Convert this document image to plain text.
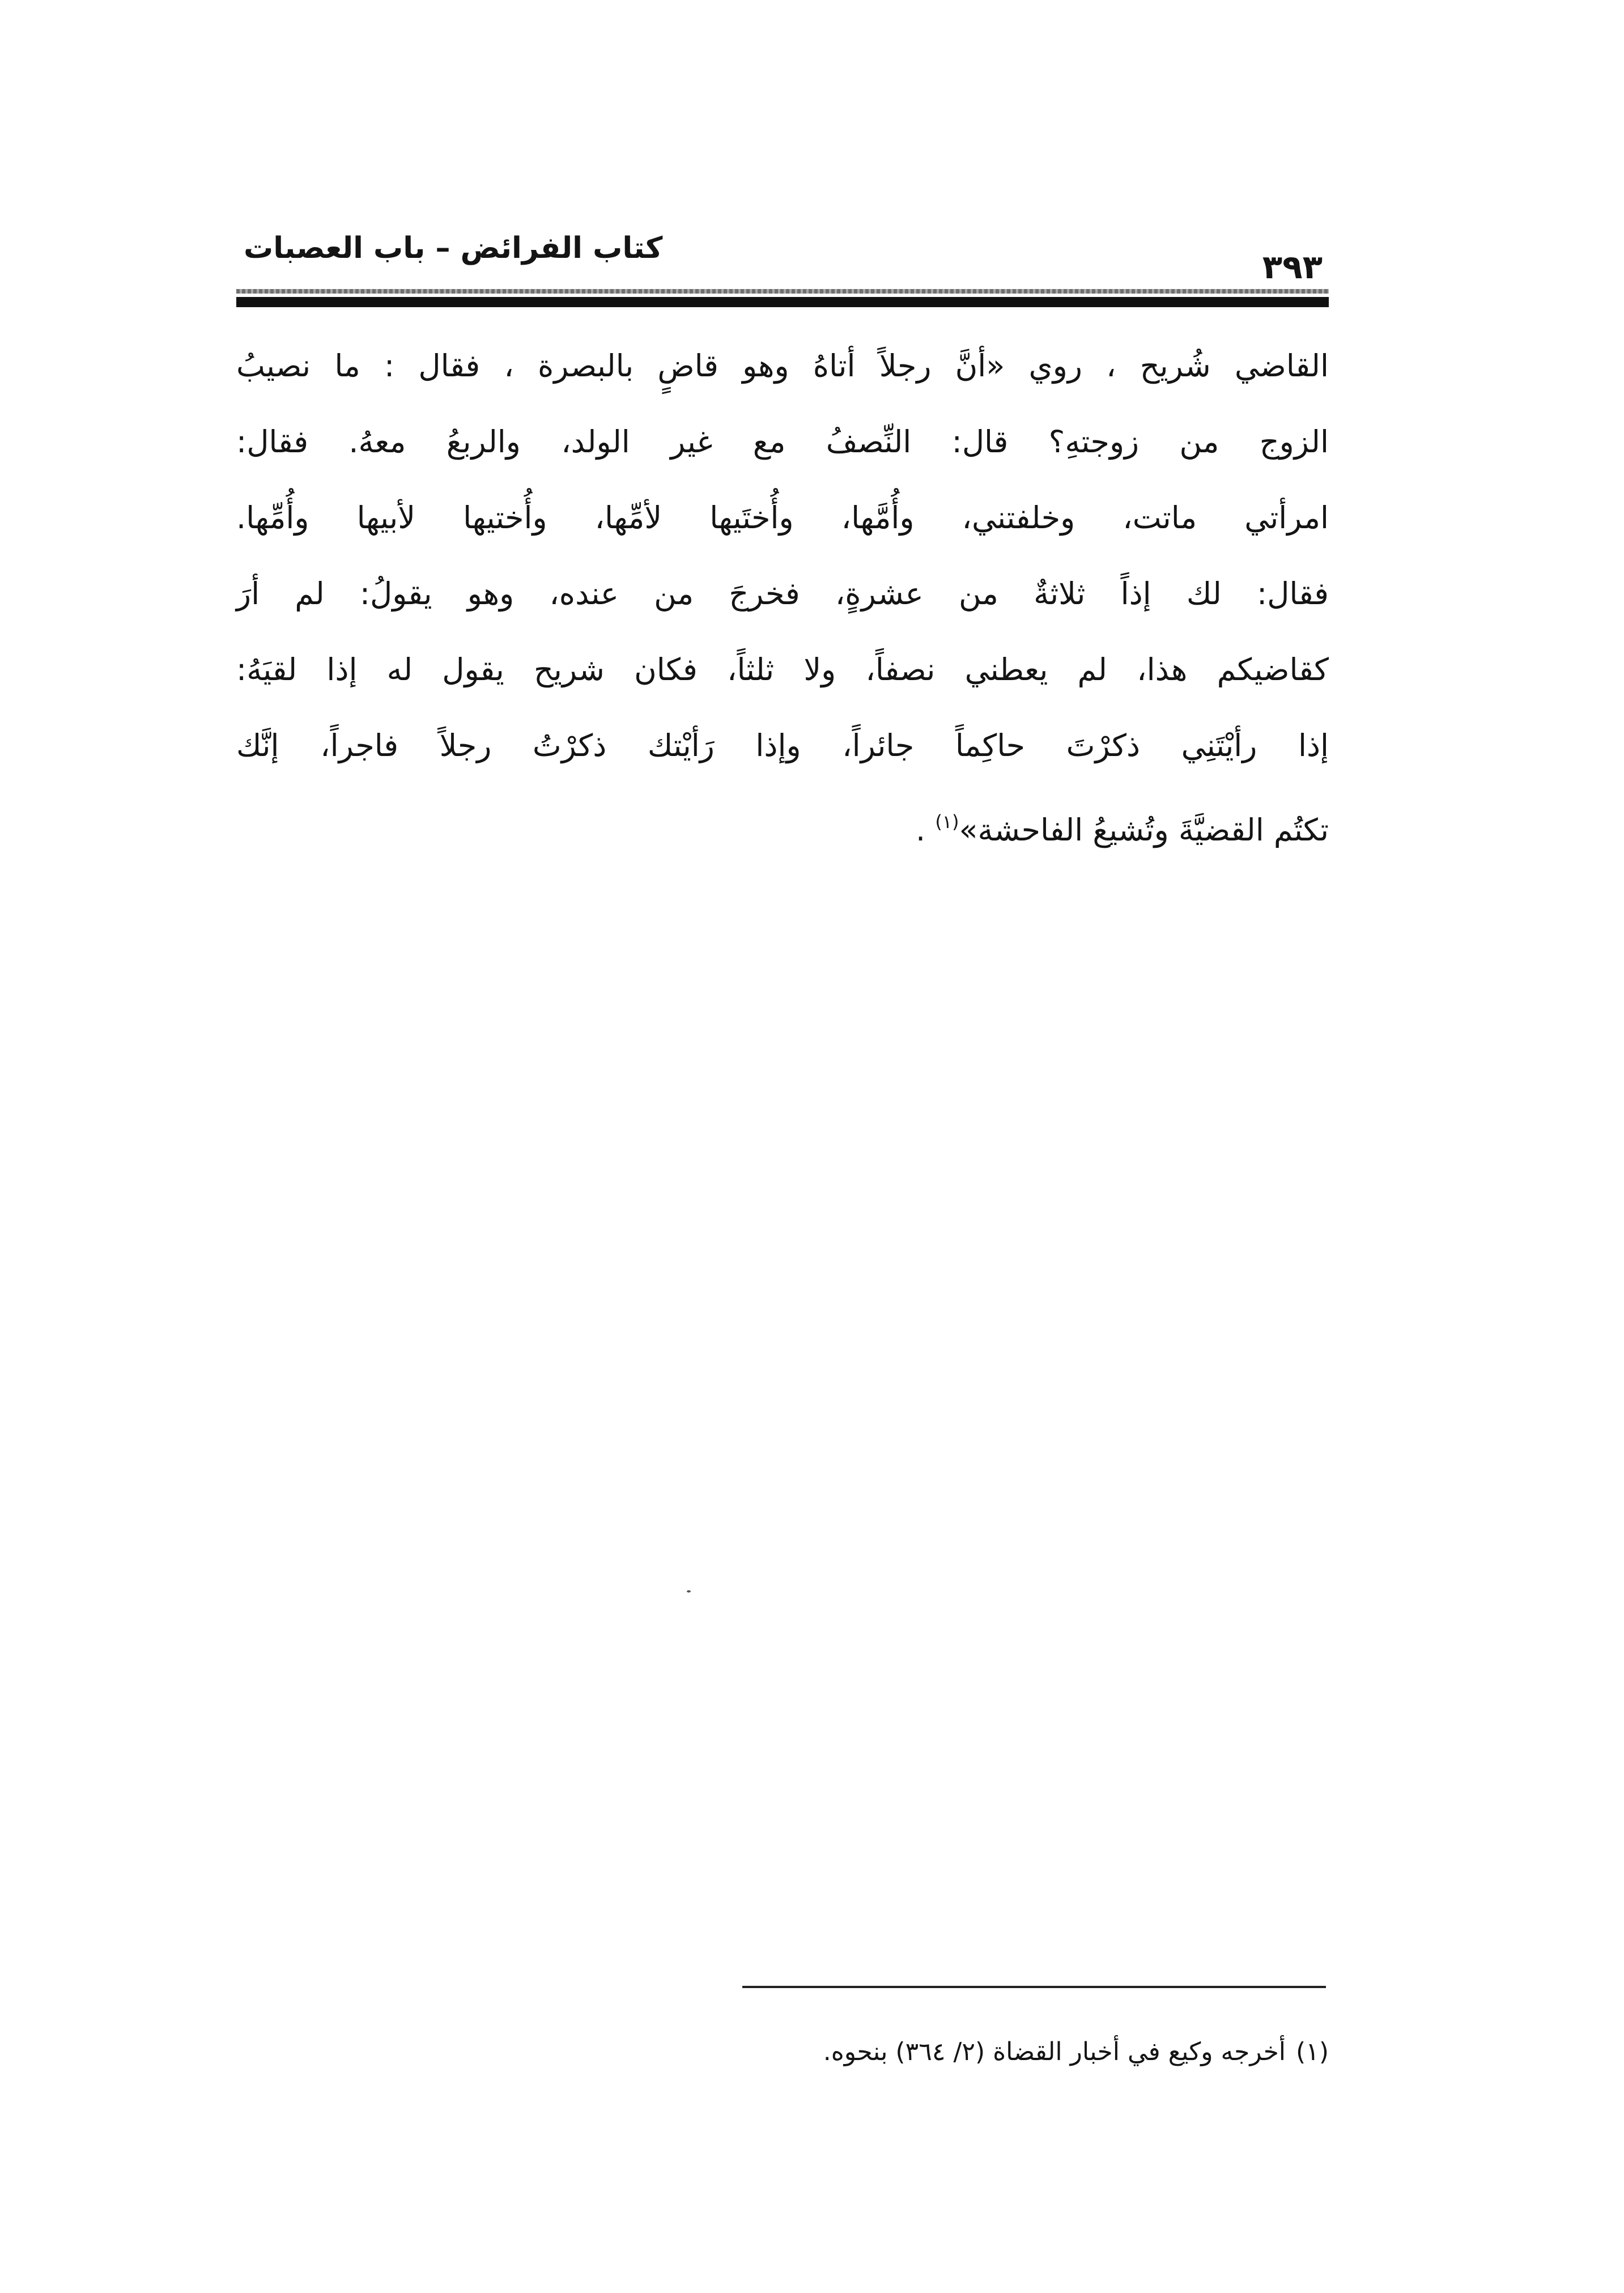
كتاب الفرائض – باب العصبات	٣٩٣
القاضي شُريح ، روي «أنَّ رجلاً أتاهُ وهو قاضٍ بالبصرة ، فقال : ما نصيبُ
الزوج من زوجتهِ؟ قال: النِّصفُ مع غير الولد، والربعُ معهُ. فقال:
امرأتي ماتت، وخلفتني، وأُمَّها، وأُختَيها لأمِّها، وأُختيها لأبيها وأُمِّها.
فقال: لك إذاً ثلاثةٌ من عشرةٍ، فخرجَ من عنده، وهو يقولُ: لم أرَ
كقاضيكم هذا، لم يعطني نصفاً، ولا ثلثاً، فكان شريح يقول له إذا لقيَهُ:
إذا رأيْتَنِي ذكرْتَ حاكِماً جائراً، وإذا رَأيْتك ذكرْتُ رجلاً فاجراً، إنَّك
تكتُم القضيَّةَ وتُشيعُ الفاحشة»$^{(١)}$ .
(١)أخرجه وكيع في أخبار القضاة (٢/ ٣٦٤) بنحوه.
